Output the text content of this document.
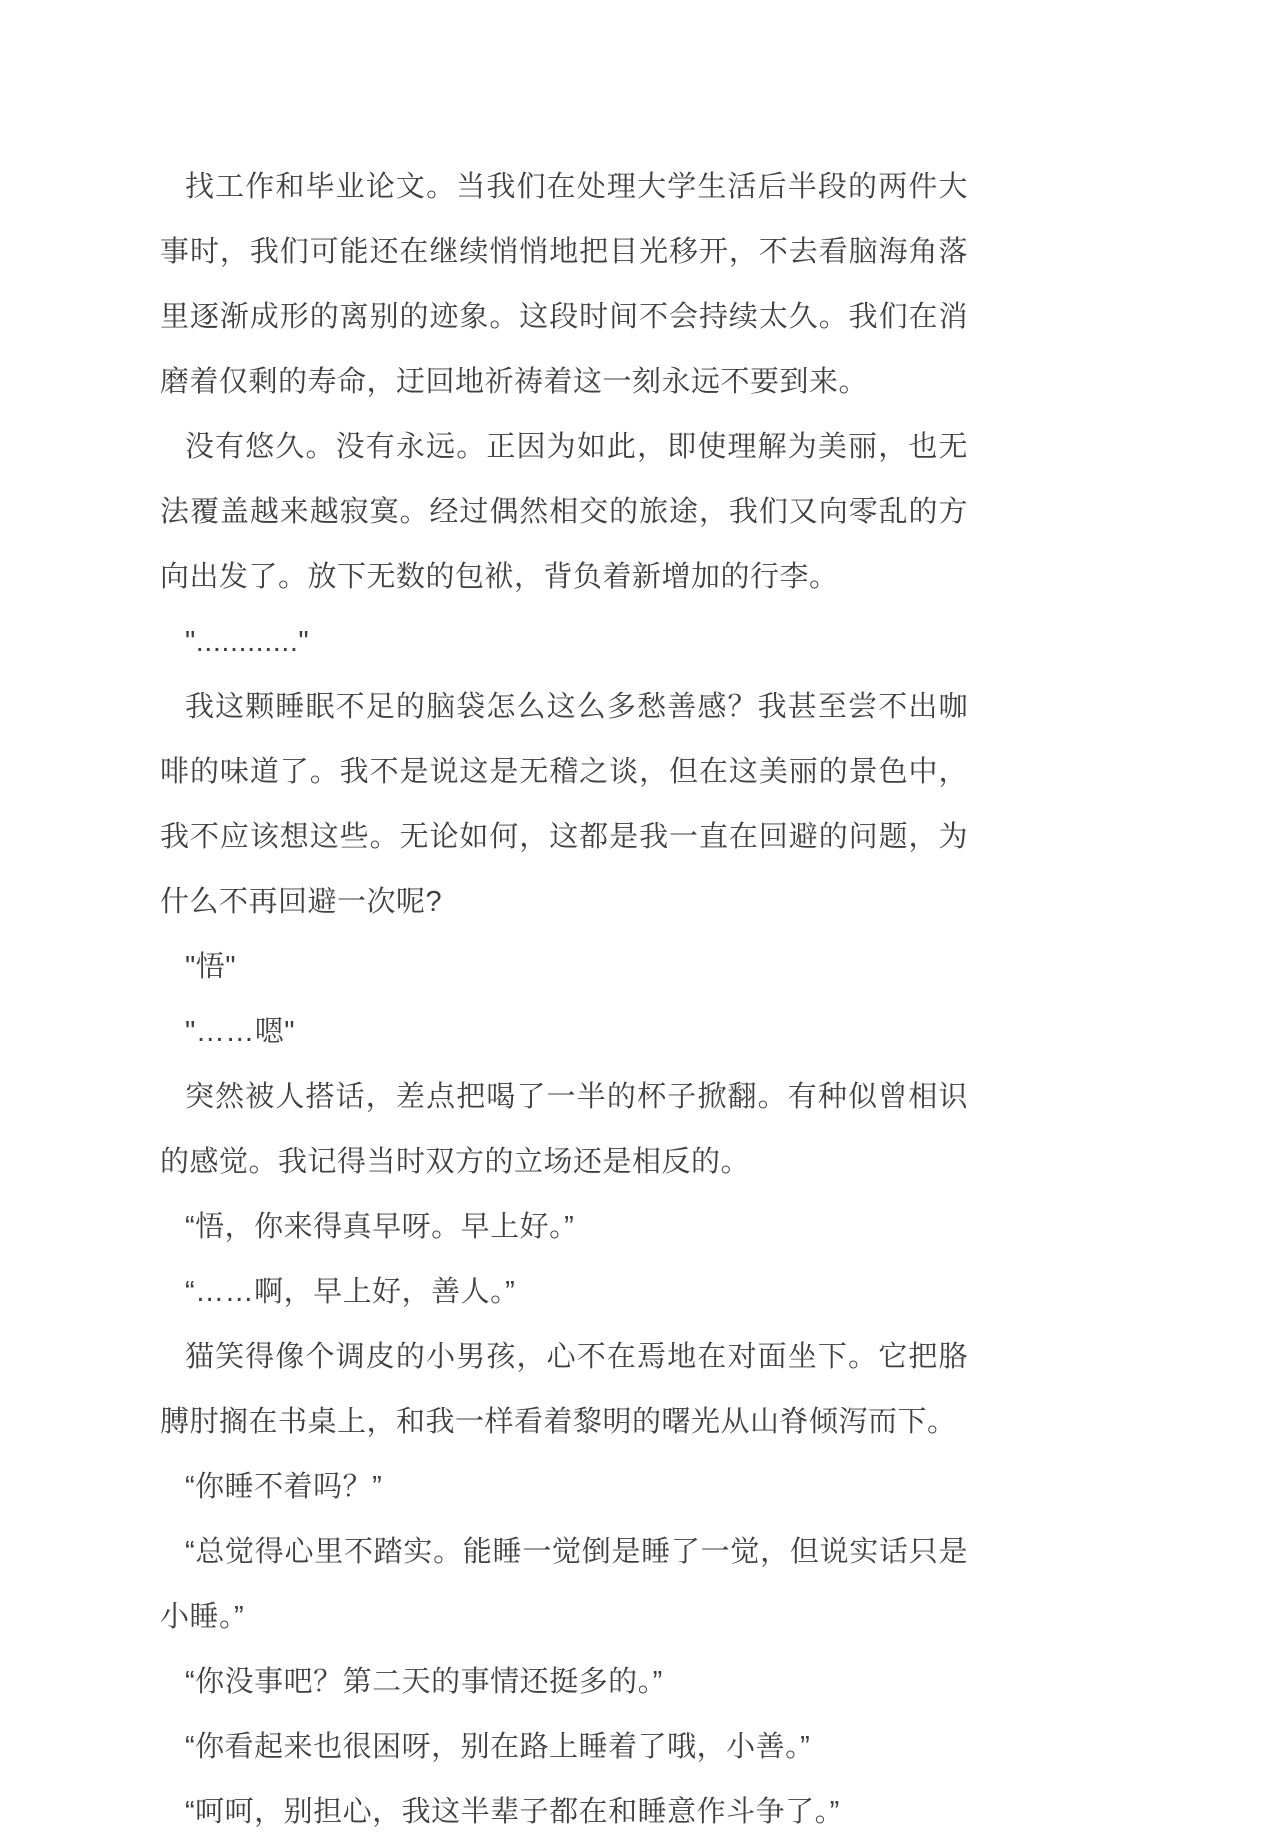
找工作和毕业论文。当我们在处理大学生活后半段的两件大事时，我们可能还在继续悄悄地把目光移开，不去看脑海角落里逐渐成形的离别的迹象。这段时间不会持续太久。我们在消磨着仅剩的寿命，迂回地祈祷着这一刻永远不要到来。

没有悠久。没有永远。正因为如此，即使理解为美丽，也无法覆盖越来越寂寞。经过偶然相交的旅途，我们又向零乱的方向出发了。放下无数的包袱，背负着新增加的行李。

"............"

我这颗睡眠不足的脑袋怎么这么多愁善感？我甚至尝不出咖啡的味道了。我不是说这是无稽之谈，但在这美丽的景色中，我不应该想这些。无论如何，这都是我一直在回避的问题，为什么不再回避一次呢?

"悟"

"……嗯"

突然被人搭话，差点把喝了一半的杯子掀翻。有种似曾相识的感觉。我记得当时双方的立场还是相反的。

“悟，你来得真早呀。早上好。”

“……啊，早上好，善人。”

猫笑得像个调皮的小男孩，心不在焉地在对面坐下。它把胳膊肘搁在书桌上，和我一样看着黎明的曙光从山脊倾泻而下。

“你睡不着吗？”

“总觉得心里不踏实。能睡一觉倒是睡了一觉，但说实话只是小睡。”

“你没事吧？第二天的事情还挺多的。”

“你看起来也很困呀，别在路上睡着了哦，小善。”

“呵呵，别担心，我这半辈子都在和睡意作斗争了。”
